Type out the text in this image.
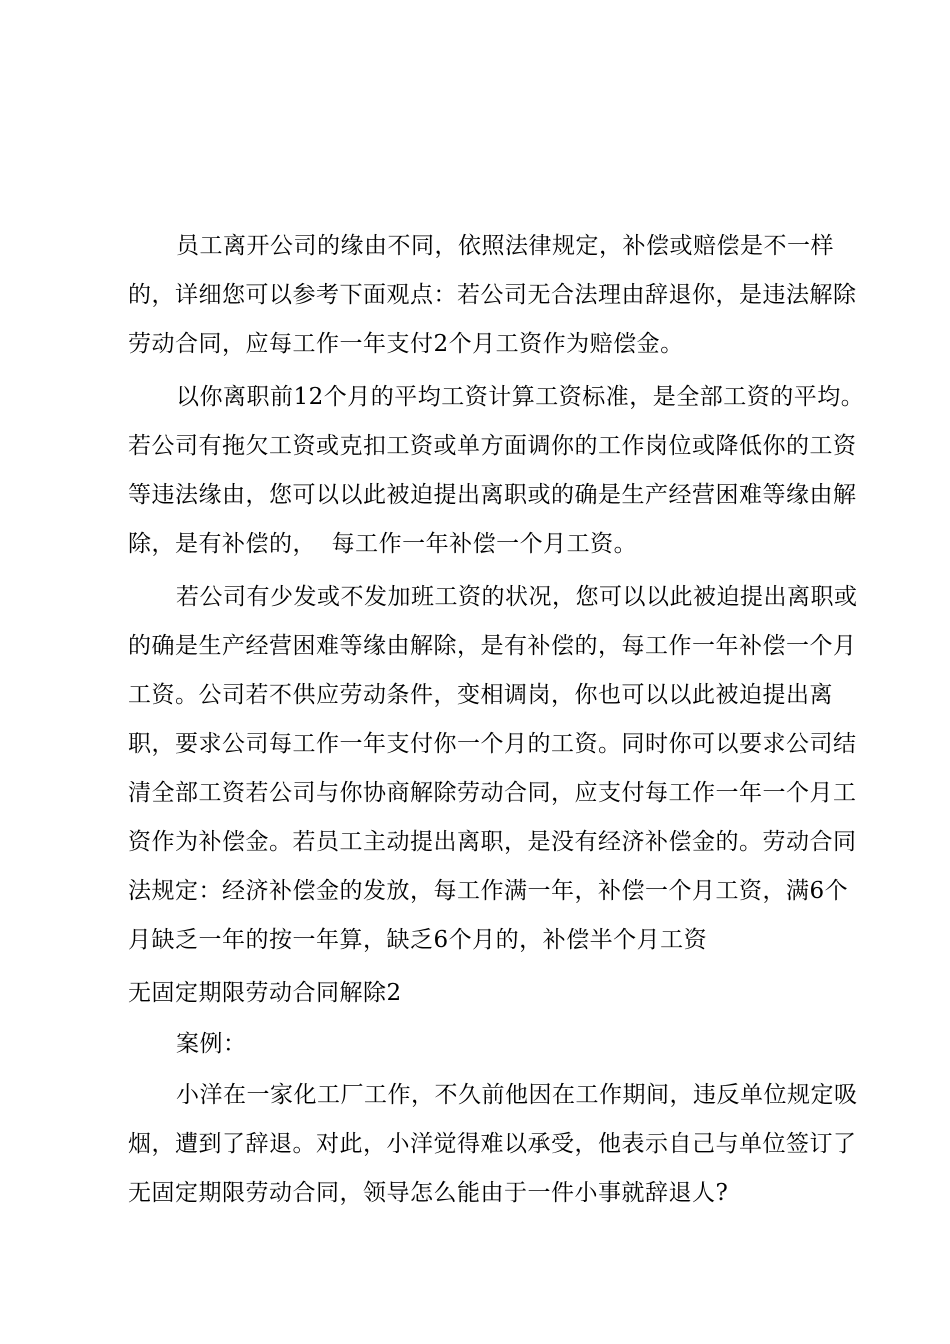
员工离开公司的缘由不同，依照法律规定，补偿或赔偿是不一样

的，详细您可以参考下面观点：若公司无合法理由辞退你，是违法解除

劳动合同，应每工作一年支付2个月工资作为赔偿金。

以你离职前12个月的平均工资计算工资标准，是全部工资的平均。

若公司有拖欠工资或克扣工资或单方面调你的工作岗位或降低你的工资

等违法缘由，您可以以此被迫提出离职或的确是生产经营困难等缘由解

除，是有补偿的，  每工作一年补偿一个月工资。

若公司有少发或不发加班工资的状况，您可以以此被迫提出离职或

的确是生产经营困难等缘由解除，是有补偿的，每工作一年补偿一个月

工资。公司若不供应劳动条件，变相调岗，你也可以以此被迫提出离

职，要求公司每工作一年支付你一个月的工资。同时你可以要求公司结

清全部工资若公司与你协商解除劳动合同，应支付每工作一年一个月工

资作为补偿金。若员工主动提出离职，是没有经济补偿金的。劳动合同

法规定：经济补偿金的发放，每工作满一年，补偿一个月工资，满6个

月缺乏一年的按一年算，缺乏6个月的，补偿半个月工资

无固定期限劳动合同解除2

案例：

小洋在一家化工厂工作，不久前他因在工作期间，违反单位规定吸

烟，遭到了辞退。对此，小洋觉得难以承受，他表示自己与单位签订了

无固定期限劳动合同，领导怎么能由于一件小事就辞退人?
